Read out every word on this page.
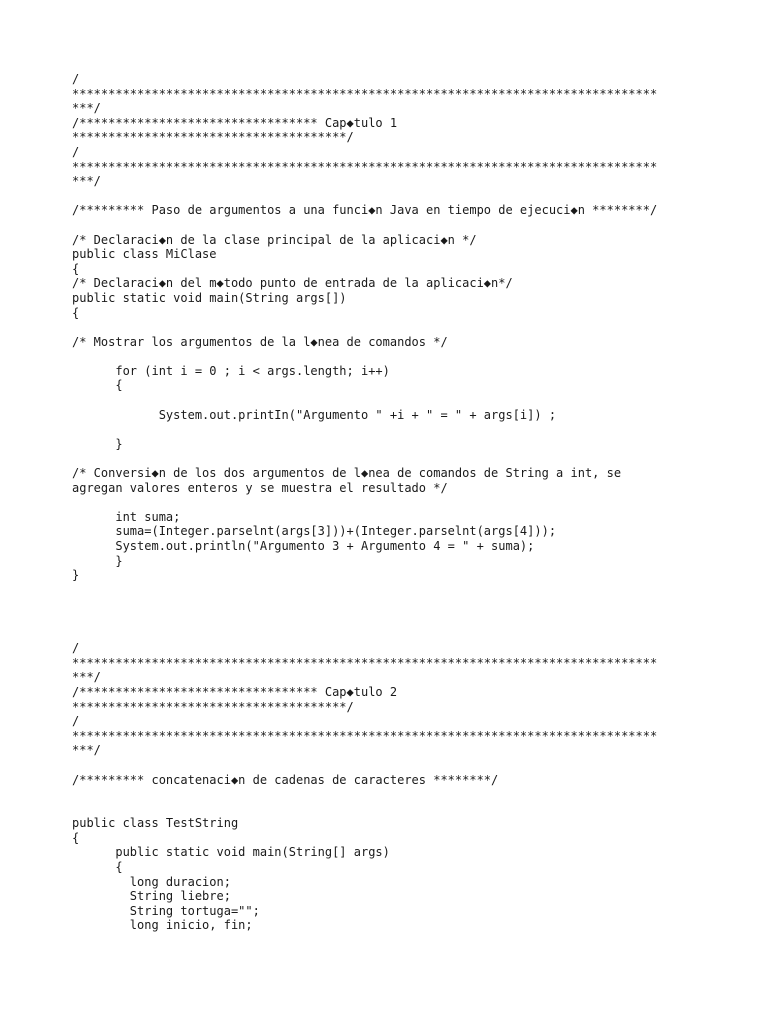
/
*********************************************************************************
***/
/********************************* Cap◆tulo 1
**************************************/
/
*********************************************************************************
***/
/********* Paso de argumentos a una funci◆n Java en tiempo de ejecuci◆n ********/
/* Declaraci◆n de la clase principal de la aplicaci◆n */
public class MiClase
{
/* Declaraci◆n del m◆todo punto de entrada de la aplicaci◆n*/
public static void main(String args[])
{
/* Mostrar los argumentos de la l◆nea de comandos */
for (int i = 0 ; i < args.length; i++)
{
System.out.printIn("Argumento " +i + " = " + args[i]) ;
}
/* Conversi◆n de los dos argumentos de l◆nea de comandos de String a int, se
agregan valores enteros y se muestra el resultado */
int suma;
suma=(Integer.parselnt(args[3]))+(Integer.parselnt(args[4]));
System.out.println("Argumento 3 + Argumento 4 = " + suma);
}
}
/
*********************************************************************************
***/
/********************************* Cap◆tulo 2
**************************************/
/
*********************************************************************************
***/
/********* concatenaci◆n de cadenas de caracteres ********/
public class TestString
{
public static void main(String[] args)
{
long duracion;
String liebre;
String tortuga="";
long inicio, fin;
